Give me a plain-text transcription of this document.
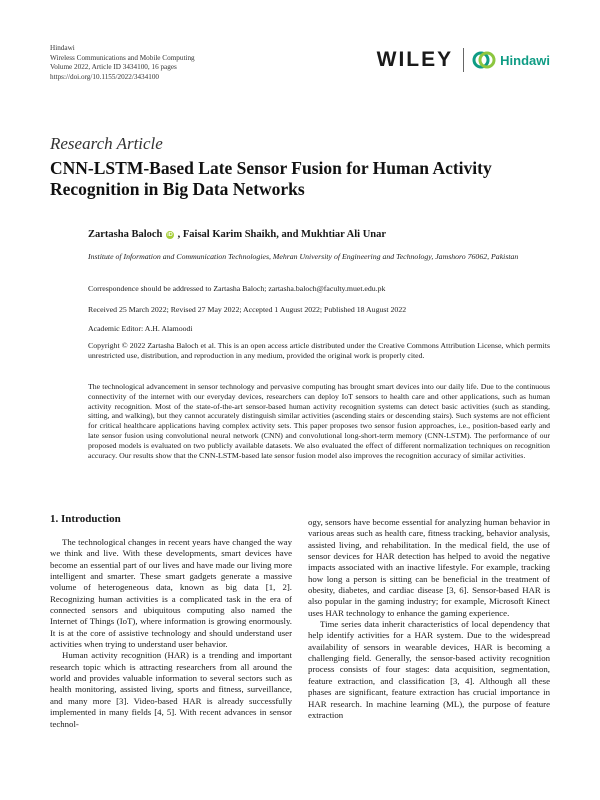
Hindawi
Wireless Communications and Mobile Computing
Volume 2022, Article ID 3434100, 16 pages
https://doi.org/10.1155/2022/3434100
WILEY	Hindawi
Research Article
CNN-LSTM-Based Late Sensor Fusion for Human Activity Recognition in Big Data Networks
Zartasha Baloch iD , Faisal Karim Shaikh, and Mukhtiar Ali Unar
Institute of Information and Communication Technologies, Mehran University of Engineering and Technology, Jamshoro 76062, Pakistan
Correspondence should be addressed to Zartasha Baloch; zartasha.baloch@faculty.muet.edu.pk
Received 25 March 2022; Revised 27 May 2022; Accepted 1 August 2022; Published 18 August 2022
Academic Editor: A.H. Alamoodi
Copyright © 2022 Zartasha Baloch et al. This is an open access article distributed under the Creative Commons Attribution License, which permits unrestricted use, distribution, and reproduction in any medium, provided the original work is properly cited.

The technological advancement in sensor technology and pervasive computing has brought smart devices into our daily life. Due to the continuous connectivity of the internet with our everyday devices, researchers can deploy IoT sensors to health care and other applications, such as human activity recognition. Most of the state-of-the-art sensor-based human activity recognition systems can detect basic activities (such as standing, sitting, and walking), but they cannot accurately distinguish similar activities (ascending stairs or descending stairs). Such systems are not efficient for critical healthcare applications having complex activity sets. This paper proposes two sensor fusion approaches, i.e., position-based early and late sensor fusion using convolutional neural network (CNN) and convolutional long-short-term memory (CNN-LSTM). The performance of our proposed models is evaluated on two publicly available datasets. We also evaluated the effect of different normalization techniques on recognition accuracy. Our results show that the CNN-LSTM-based late sensor fusion model also improves the recognition accuracy of similar activities.

1. Introduction

The technological changes in recent years have changed the way we think and live. With these developments, smart devices have become an essential part of our lives and have made our living more intelligent and smarter. These smart gadgets generate a massive volume of heterogeneous data, known as big data [1, 2]. Recognizing human activities is a complicated task in the era of connected sensors and ubiquitous computing also named the Internet of Things (IoT), where information is growing enormously. It is at the core of assistive technology and should understand user activities when trying to understand user behavior.

Human activity recognition (HAR) is a trending and important research topic which is attracting researchers from all around the world and provides valuable information to several sectors such as health monitoring, assisted living, sports and fitness, surveillance, and many more [3]. Video-based HAR is already successfully implemented in many fields [4, 5]. With recent advances in sensor technol-

ogy, sensors have become essential for analyzing human behavior in various areas such as health care, fitness tracking, behavior analysis, assisted living, and rehabilitation. In the medical field, the use of sensor devices for HAR detection has helped to avoid the negative impacts associated with an inactive lifestyle. For example, tracking how long a person is sitting can be beneficial in the treatment of obesity, diabetes, and cardiac disease [3, 6]. Sensor-based HAR is also popular in the gaming industry; for example, Microsoft Kinect uses HAR technology to enhance the gaming experience.

Time series data inherit characteristics of local dependency that help identify activities for a HAR system. Due to the widespread availability of sensors in wearable devices, HAR is becoming a challenging field. Generally, the sensor-based activity recognition process consists of four stages: data acquisition, segmentation, feature extraction, and classification [3, 4]. Although all these phases are significant, feature extraction has crucial importance in HAR research. In machine learning (ML), the purpose of feature extraction
